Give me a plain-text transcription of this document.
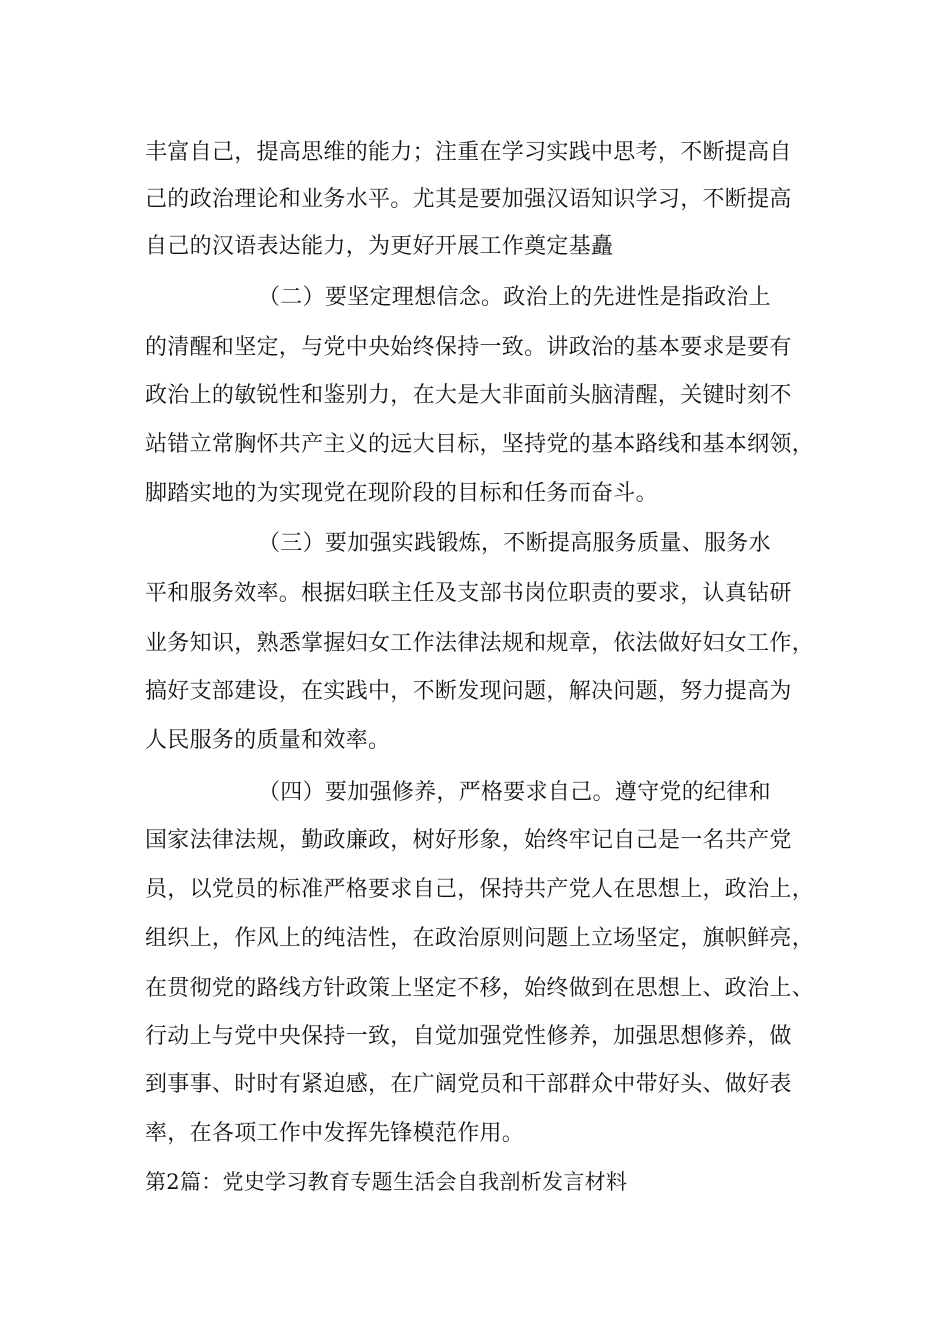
丰富自己，提高思维的能力；注重在学习实践中思考，不断提高自
己的政治理论和业务水平。尤其是要加强汉语知识学习，不断提高
自己的汉语表达能力，为更好开展工作奠定基矗
（二）要坚定理想信念。政治上的先进性是指政治上
的清醒和坚定，与党中央始终保持一致。讲政治的基本要求是要有
政治上的敏锐性和鉴别力，在大是大非面前头脑清醒，关键时刻不
站错立常胸怀共产主义的远大目标，坚持党的基本路线和基本纲领，
脚踏实地的为实现党在现阶段的目标和任务而奋斗。
（三）要加强实践锻炼，不断提高服务质量、服务水
平和服务效率。根据妇联主任及支部书岗位职责的要求，认真钻研
业务知识，熟悉掌握妇女工作法律法规和规章，依法做好妇女工作，
搞好支部建设，在实践中，不断发现问题，解决问题，努力提高为
人民服务的质量和效率。
（四）要加强修养，严格要求自己。遵守党的纪律和
国家法律法规，勤政廉政，树好形象，始终牢记自己是一名共产党
员，以党员的标准严格要求自己，保持共产党人在思想上，政治上，
组织上，作风上的纯洁性，在政治原则问题上立场坚定，旗帜鲜亮，
在贯彻党的路线方针政策上坚定不移，始终做到在思想上、政治上、
行动上与党中央保持一致，自觉加强党性修养，加强思想修养，做
到事事、时时有紧迫感，在广阔党员和干部群众中带好头、做好表
率，在各项工作中发挥先锋模范作用。
第2篇：党史学习教育专题生活会自我剖析发言材料
